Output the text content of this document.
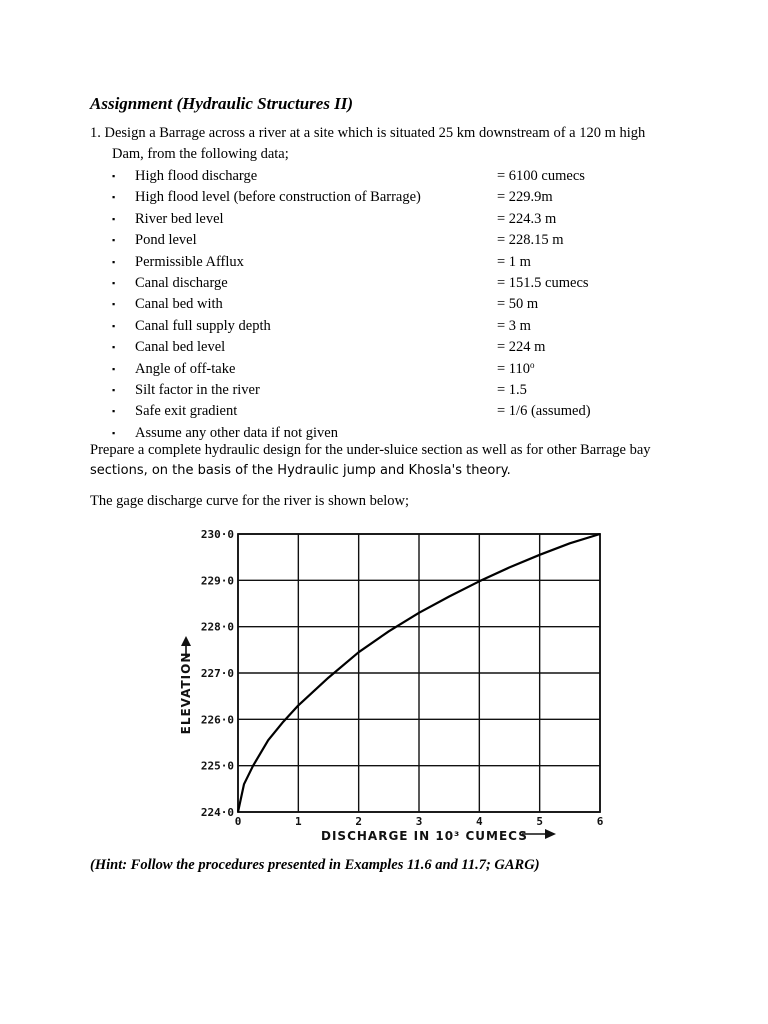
Assignment (Hydraulic Structures II)
1. Design a Barrage across a river at a site which is situated 25 km downstream of a 120 m high
Dam, from the following data;
▪ High flood discharge	= 6100 cumecs
▪ High flood level (before construction of Barrage)	= 229.9m
▪ River bed level	= 224.3 m
▪ Pond level	= 228.15 m
▪ Permissible Afflux	= 1 m
▪ Canal discharge	= 151.5 cumecs
▪ Canal bed with	= 50 m
▪ Canal full supply depth	= 3 m
▪ Canal bed level	= 224 m
▪ Angle of off-take	= $110^o$
▪ Silt factor in the river	= 1.5
▪ Safe exit gradient	= 1/6 (assumed)
▪ Assume any other data if not given
Prepare a complete hydraulic design for the under-sluice section as well as for other Barrage bay
sections, on the basis of the Hydraulic jump and Khosla's theory.
The gage discharge curve for the river is shown below;
224·0
225·0
226·0
227·0
228·0
229·0
230·0
0	1	2	3	4	5	6
ELEVATION
DISCHARGE IN 10³ CUMECS
(Hint: Follow the procedures presented in Examples 11.6 and 11.7; GARG)
